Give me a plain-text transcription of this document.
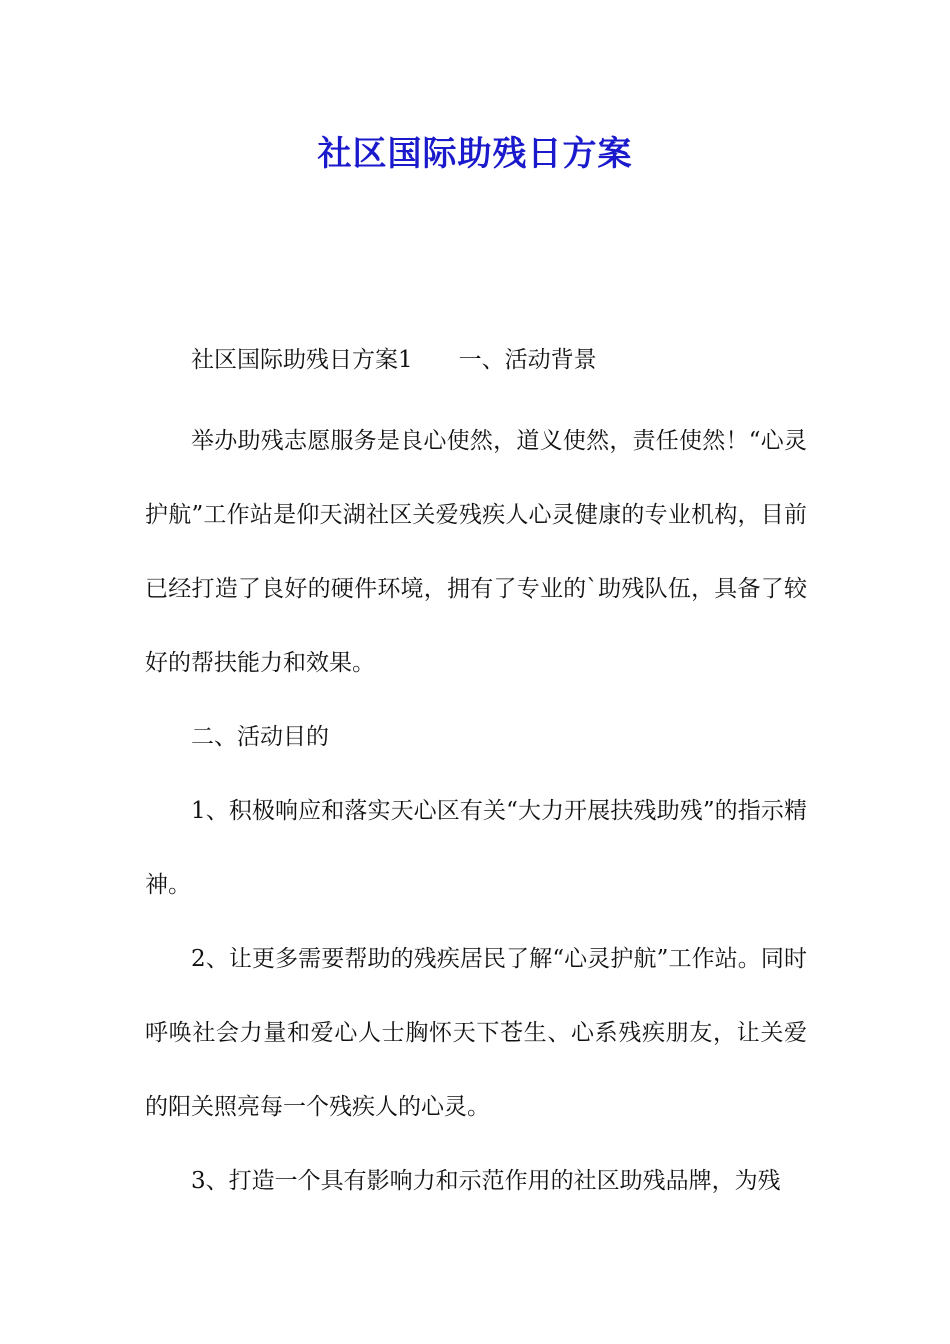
社区国际助残日方案

社区国际助残日方案1 一、活动背景

举办助残志愿服务是良心使然，道义使然，责任使然！“心灵护航”工作站是仰天湖社区关爱残疾人心灵健康的专业机构，目前已经打造了良好的硬件环境，拥有了专业的`助残队伍，具备了较好的帮扶能力和效果。

二、活动目的

1、积极响应和落实天心区有关“大力开展扶残助残”的指示精神。

2、让更多需要帮助的残疾居民了解“心灵护航”工作站。同时呼唤社会力量和爱心人士胸怀天下苍生、心系残疾朋友，让关爱的阳关照亮每一个残疾人的心灵。

3、打造一个具有影响力和示范作用的社区助残品牌，为残
